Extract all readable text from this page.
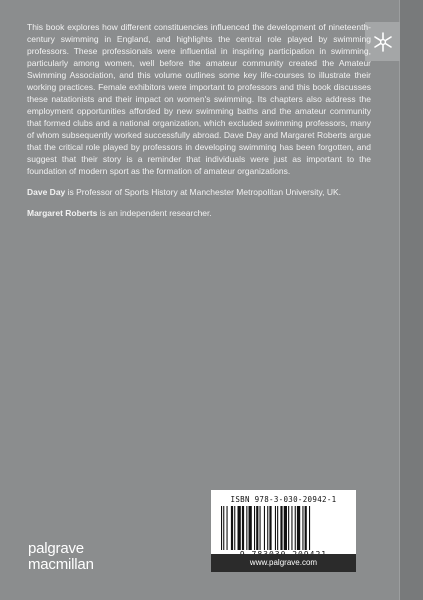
This book explores how different constituencies influenced the development of nineteenth-century swimming in England, and highlights the central role played by swimming professors. These professionals were influential in inspiring participation in swimming, particularly among women, well before the amateur community created the Amateur Swimming Association, and this volume outlines some key life-courses to illustrate their working practices. Female exhibitors were important to professors and this book discusses these natationists and their impact on women's swimming. Its chapters also address the employment opportunities afforded by new swimming baths and the amateur community that formed clubs and a national organization, which excluded swimming professors, many of whom subsequently worked successfully abroad. Dave Day and Margaret Roberts argue that the critical role played by professors in developing swimming has been forgotten, and suggest that their story is a reminder that individuals were just as important to the foundation of modern sport as the formation of amateur organizations.

Dave Day is Professor of Sports History at Manchester Metropolitan University, UK.

Margaret Roberts is an independent researcher.

palgrave
macmillan
ISBN 978-3-030-20942-1
www.palgrave.com
